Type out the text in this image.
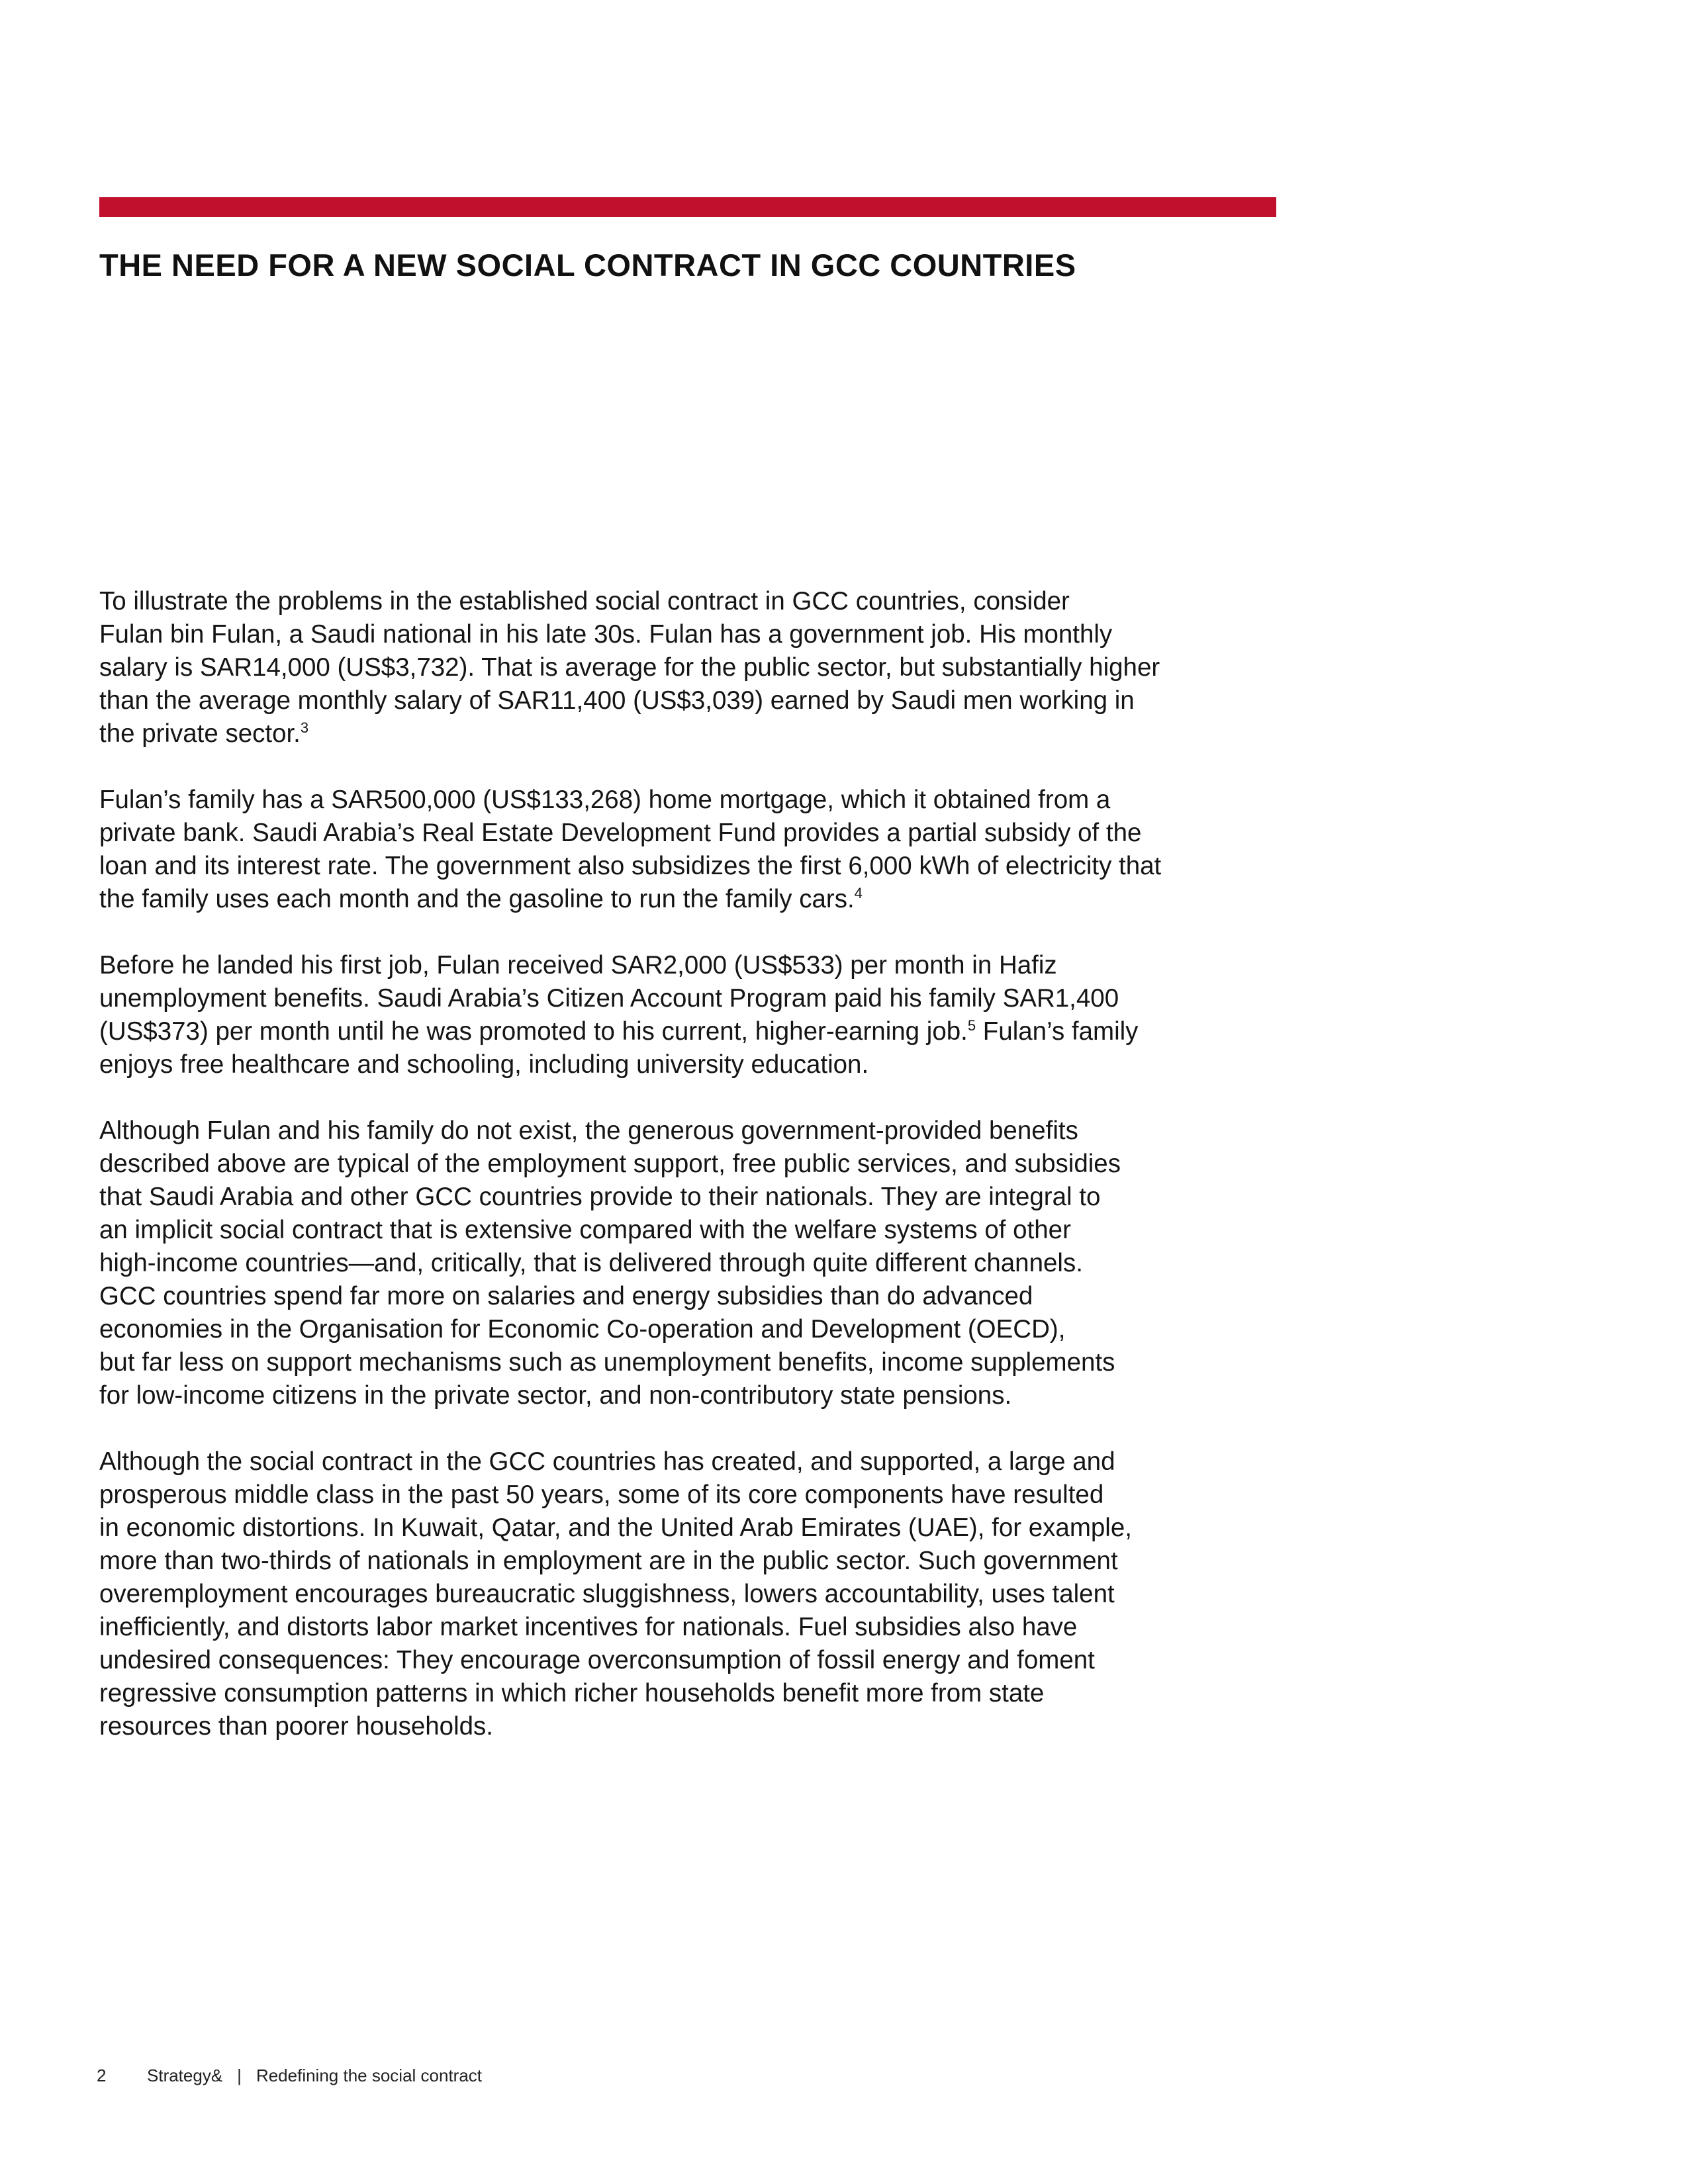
THE NEED FOR A NEW SOCIAL CONTRACT IN GCC COUNTRIES

To illustrate the problems in the established social contract in GCC countries, consider
Fulan bin Fulan, a Saudi national in his late 30s. Fulan has a government job. His monthly
salary is SAR14,000 (US$3,732). That is average for the public sector, but substantially higher
than the average monthly salary of SAR11,400 (US$3,039) earned by Saudi men working in
the private sector.$^3$

Fulan’s family has a SAR500,000 (US$133,268) home mortgage, which it obtained from a
private bank. Saudi Arabia’s Real Estate Development Fund provides a partial subsidy of the
loan and its interest rate. The government also subsidizes the first 6,000 kWh of electricity that
the family uses each month and the gasoline to run the family cars.$^4$

Before he landed his first job, Fulan received SAR2,000 (US$533) per month in Hafiz
unemployment benefits. Saudi Arabia’s Citizen Account Program paid his family SAR1,400
(US$373) per month until he was promoted to his current, higher-earning job.$^5$ Fulan’s family
enjoys free healthcare and schooling, including university education.

Although Fulan and his family do not exist, the generous government-provided benefits
described above are typical of the employment support, free public services, and subsidies
that Saudi Arabia and other GCC countries provide to their nationals. They are integral to
an implicit social contract that is extensive compared with the welfare systems of other
high-income countries—and, critically, that is delivered through quite different channels.
GCC countries spend far more on salaries and energy subsidies than do advanced
economies in the Organisation for Economic Co-operation and Development (OECD),
but far less on support mechanisms such as unemployment benefits, income supplements
for low-income citizens in the private sector, and non-contributory state pensions.

Although the social contract in the GCC countries has created, and supported, a large and
prosperous middle class in the past 50 years, some of its core components have resulted
in economic distortions. In Kuwait, Qatar, and the United Arab Emirates (UAE), for example,
more than two-thirds of nationals in employment are in the public sector. Such government
overemployment encourages bureaucratic sluggishness, lowers accountability, uses talent
inefficiently, and distorts labor market incentives for nationals. Fuel subsidies also have
undesired consequences: They encourage overconsumption of fossil energy and foment
regressive consumption patterns in which richer households benefit more from state
resources than poorer households.

2 Strategy& | Redefining the social contract
